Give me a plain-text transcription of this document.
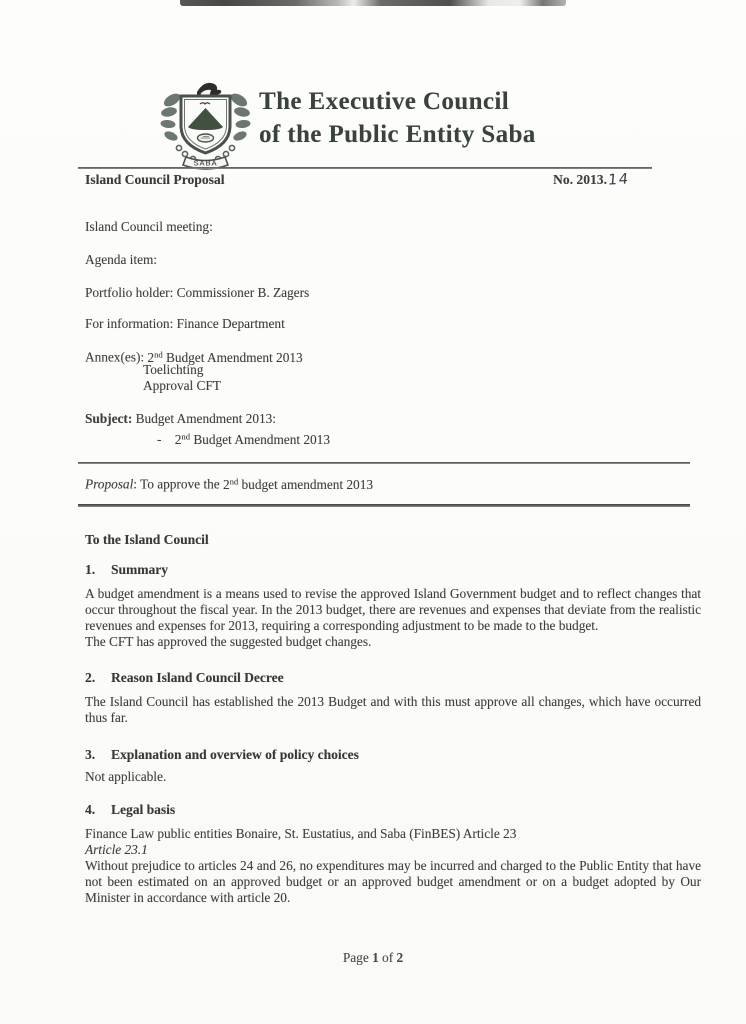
SABA
The Executive Council
of the Public Entity Saba
Island Council Proposal	No. 2013.14
Island Council meeting:
Agenda item:
Portfolio holder: Commissioner B. Zagers
For information: Finance Department
Annex(es): 2nd Budget Amendment 2013
Toelichting
Approval CFT
Subject: Budget Amendment 2013:
- 2nd Budget Amendment 2013
Proposal: To approve the 2nd budget amendment 2013
To the Island Council
1. Summary
A budget amendment is a means used to revise the approved Island Government budget and to reflect changes that occur throughout the fiscal year. In the 2013 budget, there are revenues and expenses that deviate from the realistic revenues and expenses for 2013, requiring a corresponding adjustment to be made to the budget.
The CFT has approved the suggested budget changes.
2. Reason Island Council Decree
The Island Council has established the 2013 Budget and with this must approve all changes, which have occurred thus far.
3. Explanation and overview of policy choices
Not applicable.
4. Legal basis
Finance Law public entities Bonaire, St. Eustatius, and Saba (FinBES) Article 23
Article 23.1
Without prejudice to articles 24 and 26, no expenditures may be incurred and charged to the Public Entity that have not been estimated on an approved budget or an approved budget amendment or on a budget adopted by Our Minister in accordance with article 20.
Page 1 of 2
